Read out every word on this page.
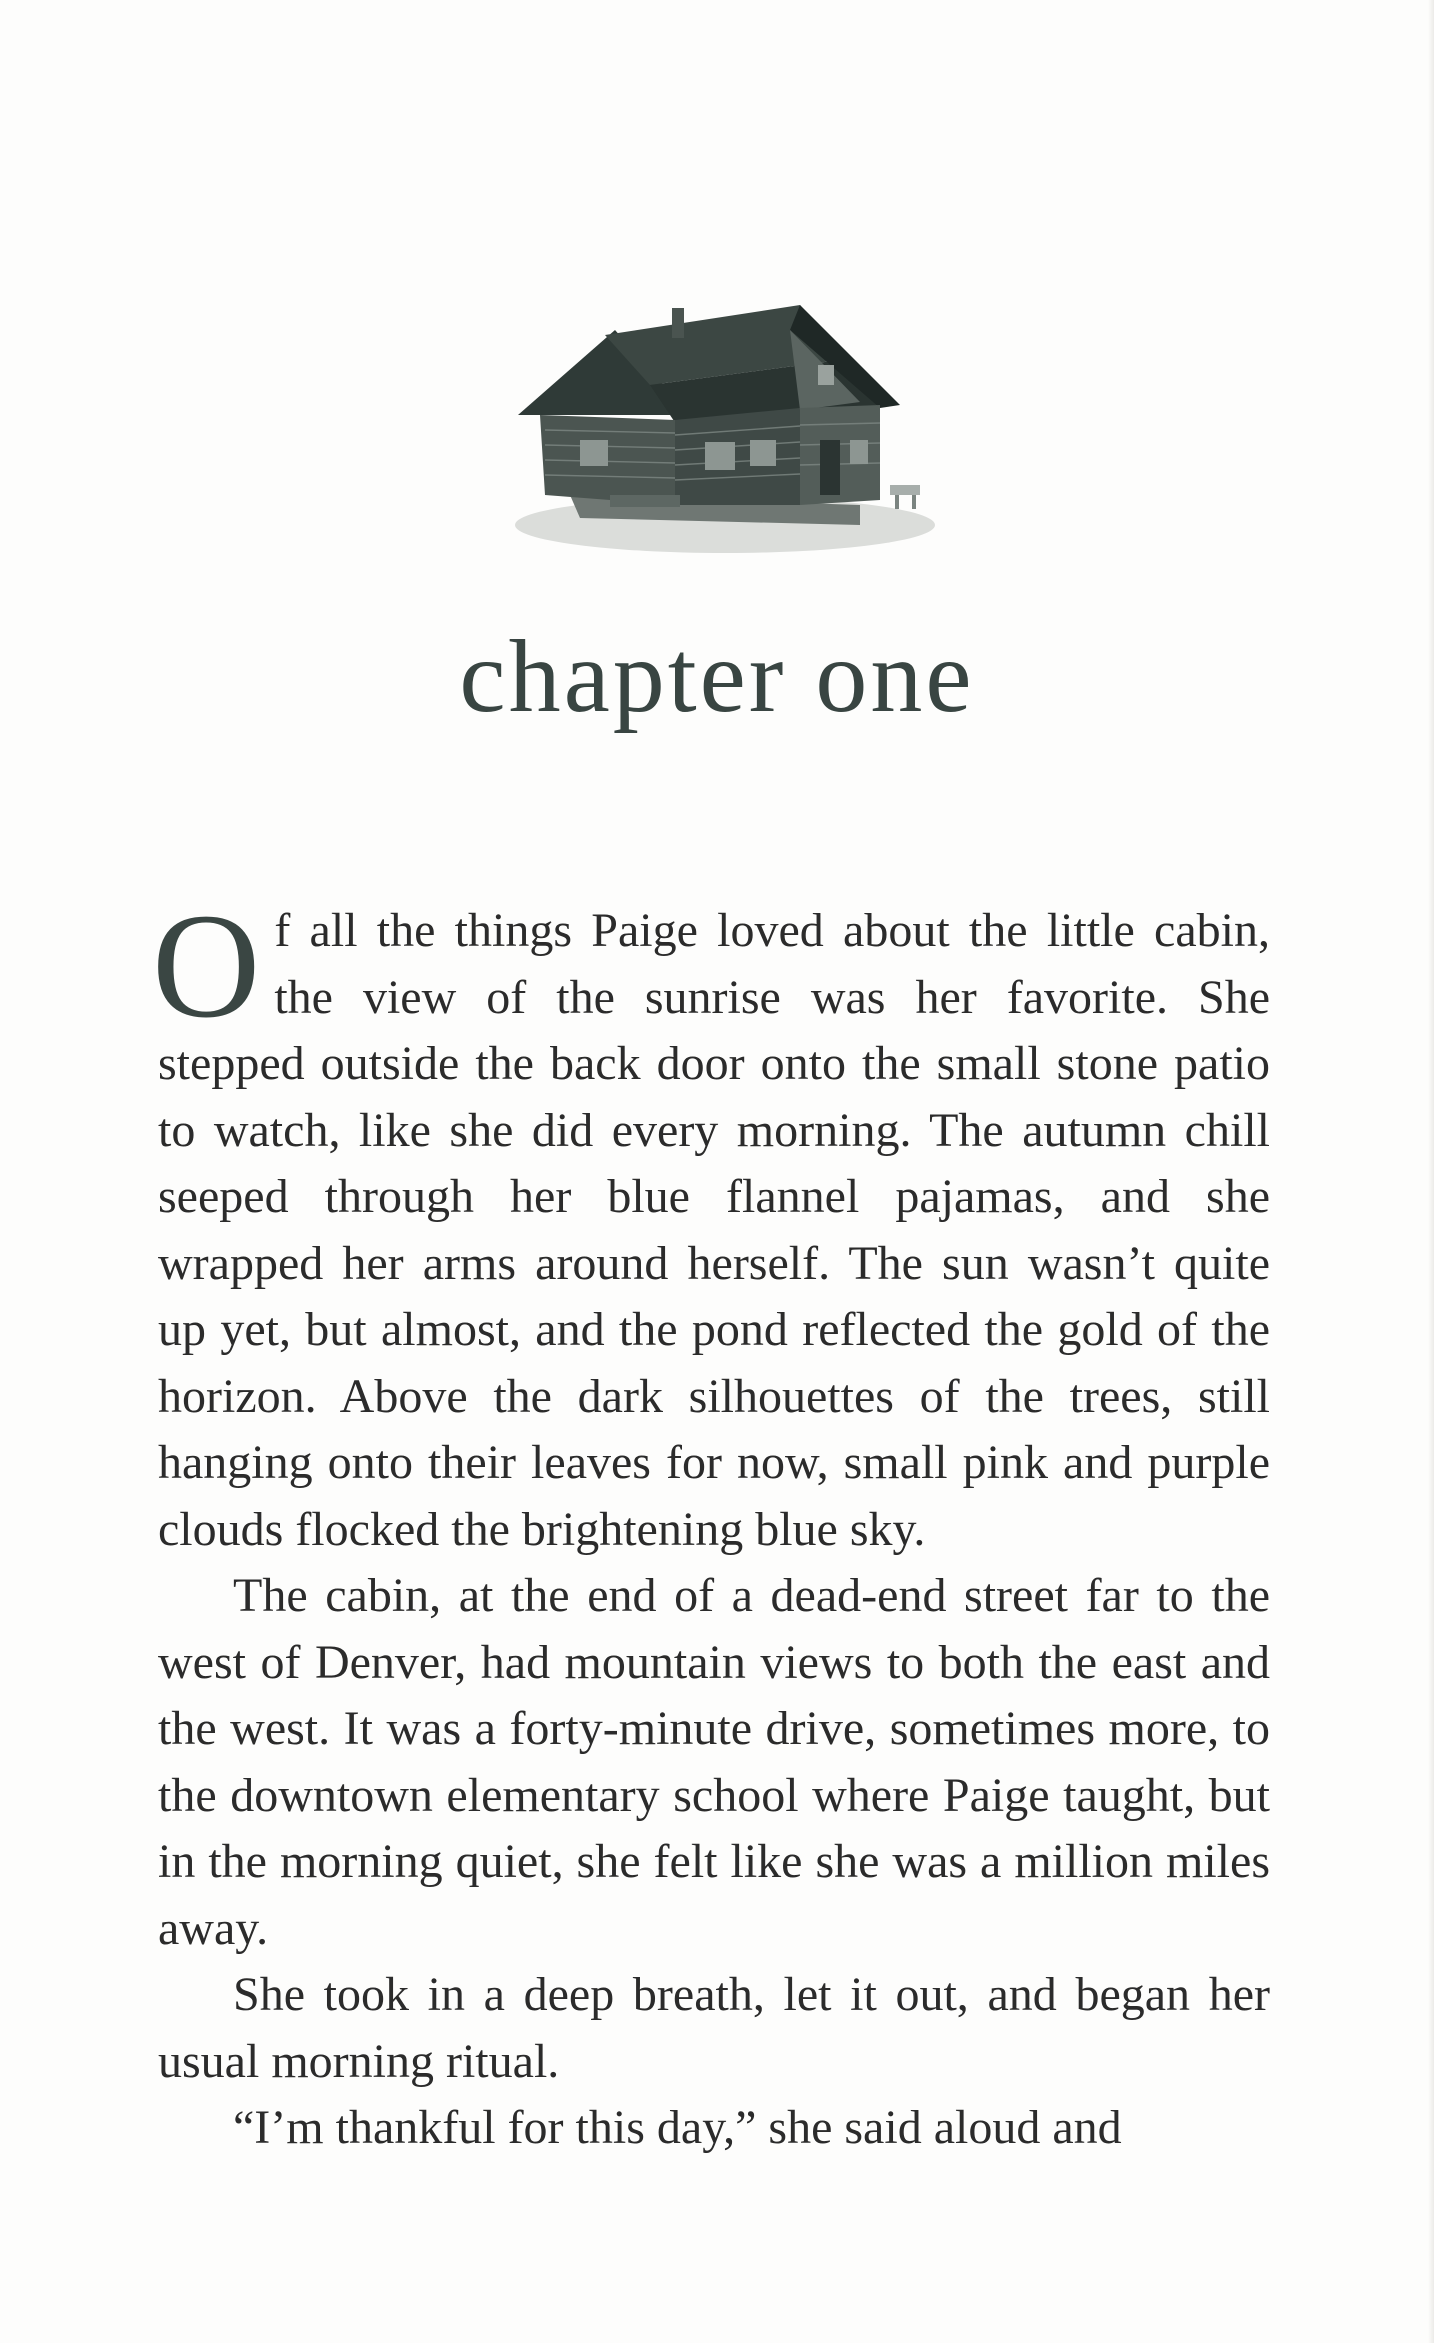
chapter one

Of all the things Paige loved about the little cabin, the view of the sunrise was her favorite. She stepped outside the back door onto the small stone patio to watch, like she did every morning. The autumn chill seeped through her blue flannel pajamas, and she wrapped her arms around herself. The sun wasn’t quite up yet, but almost, and the pond reflected the gold of the horizon. Above the dark silhouettes of the trees, still hanging onto their leaves for now, small pink and purple clouds flocked the brightening blue sky.

The cabin, at the end of a dead-end street far to the west of Denver, had mountain views to both the east and the west. It was a forty-minute drive, sometimes more, to the downtown elementary school where Paige taught, but in the morning quiet, she felt like she was a million miles away.

She took in a deep breath, let it out, and began her usual morning ritual.

“I’m thankful for this day,” she said aloud and
